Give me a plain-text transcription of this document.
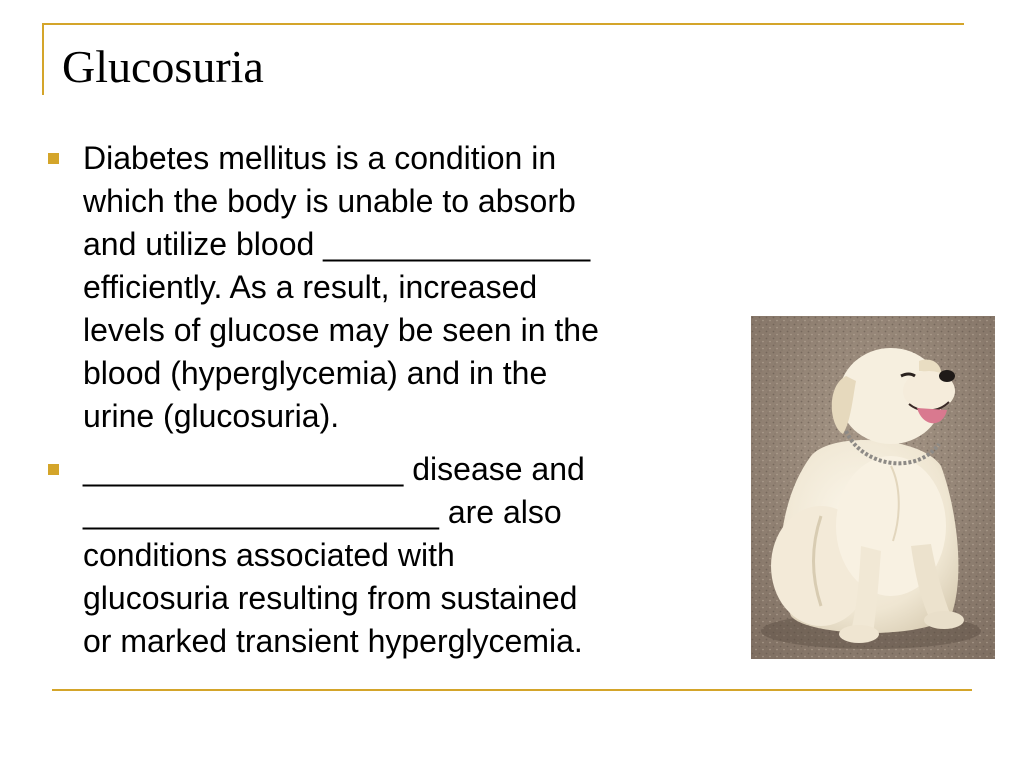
Glucosuria
Diabetes mellitus is a condition in
which the body is unable to absorb
and utilize blood _______________
efficiently. As a result, increased
levels of glucose may be seen in the
blood (hyperglycemia) and in the
urine (glucosuria).
__________________ disease and
____________________ are also
conditions associated with
glucosuria resulting from sustained
or marked transient hyperglycemia.
